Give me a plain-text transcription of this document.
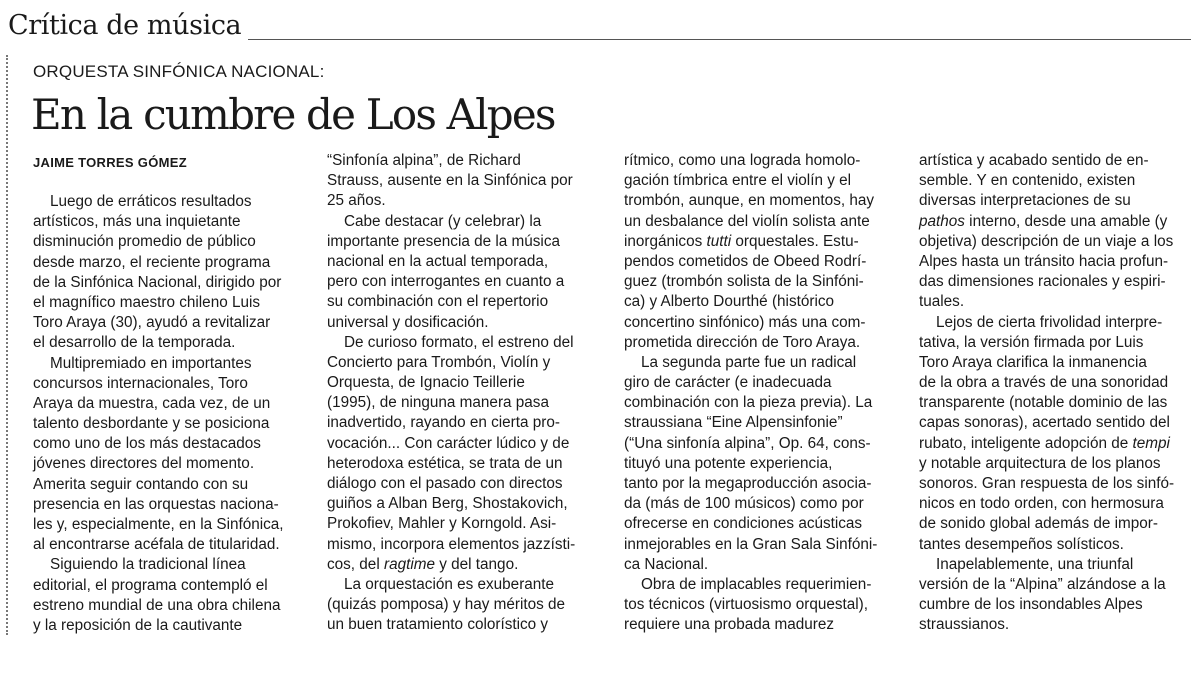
Crítica de música
ORQUESTA SINFÓNICA NACIONAL:
En la cumbre de Los Alpes
JAIME TORRES GÓMEZ
Luego de erráticos resultados
artísticos, más una inquietante
disminución promedio de público
desde marzo, el reciente programa
de la Sinfónica Nacional, dirigido por
el magnífico maestro chileno Luis
Toro Araya (30), ayudó a revitalizar
el desarrollo de la temporada.
Multipremiado en importantes
concursos internacionales, Toro
Araya da muestra, cada vez, de un
talento desbordante y se posiciona
como uno de los más destacados
jóvenes directores del momento.
Amerita seguir contando con su
presencia en las orquestas naciona-
les y, especialmente, en la Sinfónica,
al encontrarse acéfala de titularidad.
Siguiendo la tradicional línea
editorial, el programa contempló el
estreno mundial de una obra chilena
y la reposición de la cautivante
“Sinfonía alpina”, de Richard
Strauss, ausente en la Sinfónica por
25 años.
Cabe destacar (y celebrar) la
importante presencia de la música
nacional en la actual temporada,
pero con interrogantes en cuanto a
su combinación con el repertorio
universal y dosificación.
De curioso formato, el estreno del
Concierto para Trombón, Violín y
Orquesta, de Ignacio Teillerie
(1995), de ninguna manera pasa
inadvertido, rayando en cierta pro-
vocación... Con carácter lúdico y de
heterodoxa estética, se trata de un
diálogo con el pasado con directos
guiños a Alban Berg, Shostakovich,
Prokofiev, Mahler y Korngold. Asi-
mismo, incorpora elementos jazzísti-
cos, del ragtime y del tango.
La orquestación es exuberante
(quizás pomposa) y hay méritos de
un buen tratamiento colorístico y
rítmico, como una lograda homolo-
gación tímbrica entre el violín y el
trombón, aunque, en momentos, hay
un desbalance del violín solista ante
inorgánicos tutti orquestales. Estu-
pendos cometidos de Obeed Rodrí-
guez (trombón solista de la Sinfóni-
ca) y Alberto Dourthé (histórico
concertino sinfónico) más una com-
prometida dirección de Toro Araya.
La segunda parte fue un radical
giro de carácter (e inadecuada
combinación con la pieza previa). La
straussiana “Eine Alpensinfonie”
(“Una sinfonía alpina”, Op. 64, cons-
tituyó una potente experiencia,
tanto por la megaproducción asocia-
da (más de 100 músicos) como por
ofrecerse en condiciones acústicas
inmejorables en la Gran Sala Sinfóni-
ca Nacional.
Obra de implacables requerimien-
tos técnicos (virtuosismo orquestal),
requiere una probada madurez
artística y acabado sentido de en-
semble. Y en contenido, existen
diversas interpretaciones de su
pathos interno, desde una amable (y
objetiva) descripción de un viaje a los
Alpes hasta un tránsito hacia profun-
das dimensiones racionales y espiri-
tuales.
Lejos de cierta frivolidad interpre-
tativa, la versión firmada por Luis
Toro Araya clarifica la inmanencia
de la obra a través de una sonoridad
transparente (notable dominio de las
capas sonoras), acertado sentido del
rubato, inteligente adopción de tempi
y notable arquitectura de los planos
sonoros. Gran respuesta de los sinfó-
nicos en todo orden, con hermosura
de sonido global además de impor-
tantes desempeños solísticos.
Inapelablemente, una triunfal
versión de la “Alpina” alzándose a la
cumbre de los insondables Alpes
straussianos.
